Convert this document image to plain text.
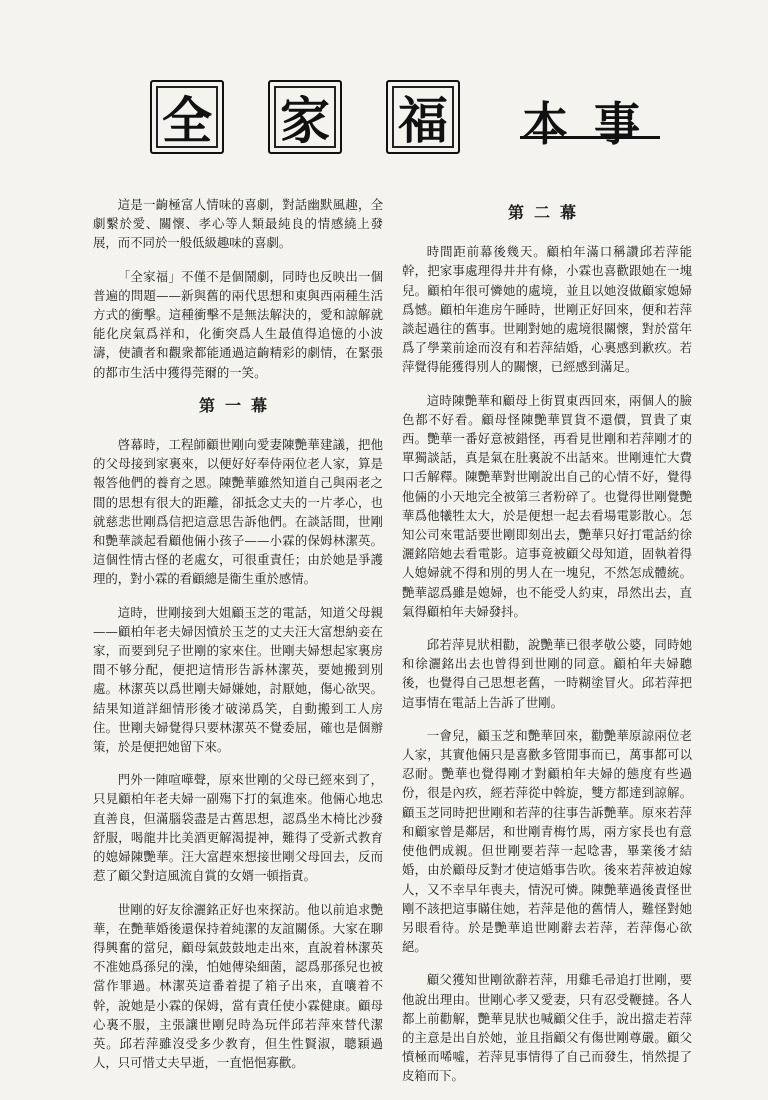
全 家 福 本 事

這是一齣極富人情味的喜劇，對話幽默風趣，全劇繫於愛、關懷、孝心等人類最純良的情感繞上發展，而不同於一般低級趣味的喜劇。

「全家福」不僅不是個鬧劇，同時也反映出一個普遍的問題——新與舊的兩代思想和東與西兩種生活方式的衝擊。這種衝擊不是無法解決的，愛和諒解就能化戾氣爲祥和，化衝突爲人生最值得追憶的小波濤，使讀者和觀衆都能通過這齣精彩的劇情，在緊張的都市生活中獲得莞爾的一笑。

第一幕

啓幕時，工程師顧世剛向愛妻陳艷華建議，把他的父母接到家裏來，以便好好奉侍兩位老人家，算是報答他們的養育之恩。陳艷華雖然知道自己與兩老之間的思想有很大的距離，卻抵念丈夫的一片孝心，也就慈悲世剛爲信把這意思告訴他們。在談話間，世剛和艷華談起看顧他倆小孩子——小霖的保姆林潔英。這個性情古怪的老處女，可很重責任；由於她是爭護理的，對小霖的看顧總是衞生重於感情。

這時，世剛接到大姐顧玉芝的電話，知道父母親——顧柏年老夫婦因憤於玉芝的丈夫汪大富想納妾在家，而要到兒子世剛的家來住。世剛夫婦想起家裏房間不够分配，便把這情形告訴林潔英，要她搬到別處。林潔英以爲世剛夫婦嫌她，討厭她，傷心欲哭。結果知道詳細情形後才破涕爲笑，自動搬到工人房住。世剛夫婦覺得只要林潔英不覺委屈，確也是個辦策，於是便把她留下來。

門外一陣喧嘩聲，原來世剛的父母已經來到了，只見顧柏年老夫婦一副殤下打的氣進來。他倆心地忠直善良，但滿腦袋盡是古舊思想，認爲坐木椅比沙發舒服，喝龍井比美酒更解渴提神，難得了受新式教育的媳婦陳艷華。汪大富趕來想接世剛父母回去，反而惹了顧父對這風流自賞的女婿一頓指責。

世剛的好友徐灑銘正好也來探訪。他以前追求艷華，在艷華婚後還保持着純潔的友誼關係。大家在聊得興奮的當兒，顧母氣鼓鼓地走出來，直說着林潔英不准她爲孫兒的澡，怕她傳染細菌，認爲那孫兒也被當作罪過。林潔英這番着提了箱子出來，直嚷着不幹，說她是小霖的保姆，當有責任使小霖健康。顧母心裏不服，主張讓世剛兒時為玩伴邱若萍來替代潔英。邱若萍雖沒受多少教育，但生性賢淑，聰穎過人，只可惜丈夫早逝，一直悒悒寡歡。

第二幕

時間距前幕後幾天。顧柏年滿口稱讚邱若萍能幹，把家事處理得井井有條，小霖也喜歡跟她在一塊兒。顧柏年很可憐她的處境，並且以她沒做顧家媳婦爲憾。顧柏年進房午睡時，世剛正好回來，便和若萍談起過往的舊事。世剛對她的處境很關懷，對於當年爲了學業前途而沒有和若萍結婚，心裏感到歉疚。若萍覺得能獲得別人的關懷，已經感到滿足。

這時陳艷華和顧母上街買東西回來，兩個人的臉色都不好看。顧母怪陳艷華買貨不還價，買貴了東西。艷華一番好意被錯怪，再看見世剛和若萍剛才的單獨談話，真是氣在肚裏說不出話來。世剛連忙大費口舌解釋。陳艷華對世剛說出自己的心情不好，覺得他倆的小天地完全被第三者粉碎了。也覺得世剛覺艷華爲他犧牲太大，於是便想一起去看場電影散心。怎知公司來電話要世剛即刻出去，艷華只好打電話約徐灑銘陪她去看電影。這事竟被顧父母知道，固執着得人媳婦就不得和別的男人在一塊兒，不然怎成體統。艷華認爲雖是媳婦，也不能受人約束，昂然出去，直氣得顧柏年夫婦發抖。

邱若萍見狀相勸，說艷華已很孝敬公婆，同時她和徐灑銘出去也曾得到世剛的同意。顧柏年夫婦聽後，也覺得自己思想老舊，一時糊塗冒火。邱若萍把這事情在電話上告訴了世剛。

一會兒，顧玉芝和艷華回來，勸艷華原諒兩位老人家，其實他倆只是喜歡多管閒事而已，萬事都可以忍耐。艷華也覺得剛才對顧柏年夫婦的態度有些過份，很是內疚，經若萍從中斡旋，雙方都達到諒解。顧玉芝同時把世剛和若萍的往事告訴艷華。原來若萍和顧家曾是鄰居，和世剛青梅竹馬，兩方家長也有意使他們成親。但世剛要若萍一起唸書，畢業後才結婚，由於顧母反對才使這婚事告吹。後來若萍被迫嫁人，又不幸早年喪夫，情況可憐。陳艷華過後責怪世剛不該把這事瞞住她，若萍是他的舊情人，難怪對她另眼看待。於是艷華追世剛辭去若萍，若萍傷心欲絕。

顧父獲知世剛欲辭若萍，用雞毛帚追打世剛，要他說出理由。世剛心孝又愛妻，只有忍受鞭撻。各人都上前勸解，艷華見狀也喊顧父住手，說出擋走若萍的主意是出自於她，並且指顧父有傷世剛尊嚴。顧父憤極而唏噓，若萍見事情得了自己而發生，悄然提了皮箱而下。
